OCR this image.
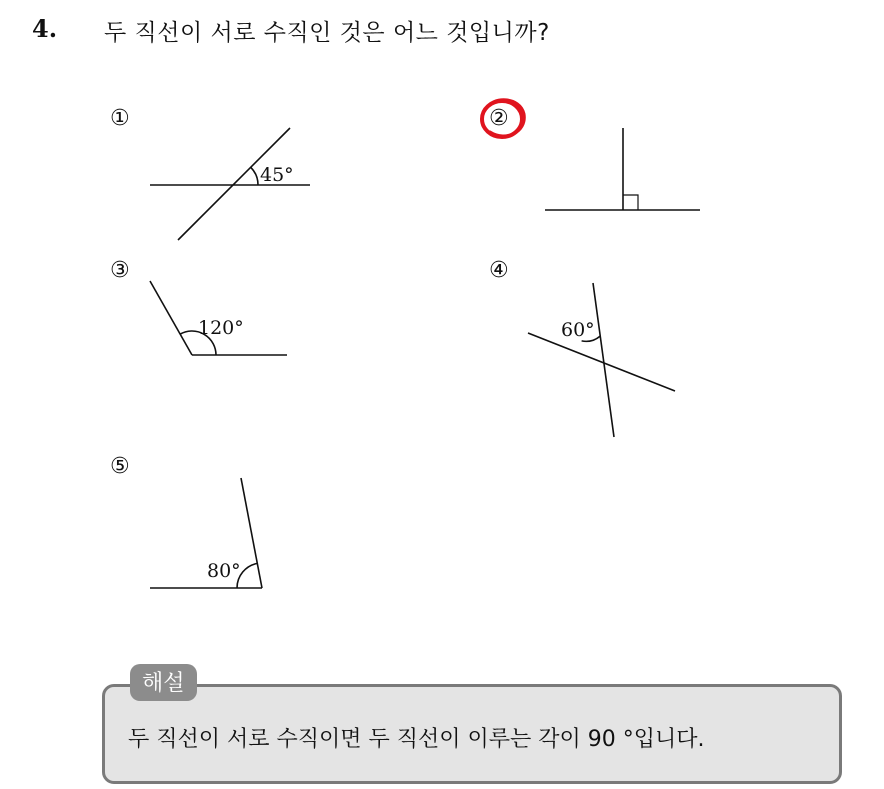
4. 두 직선이 서로 수직인 것은 어느 것입니까?
①	②
③	④
⑤
45°
120°	60°
80°
해설
두 직선이 서로 수직이면 두 직선이 이루는 각이 90 °입니다.
